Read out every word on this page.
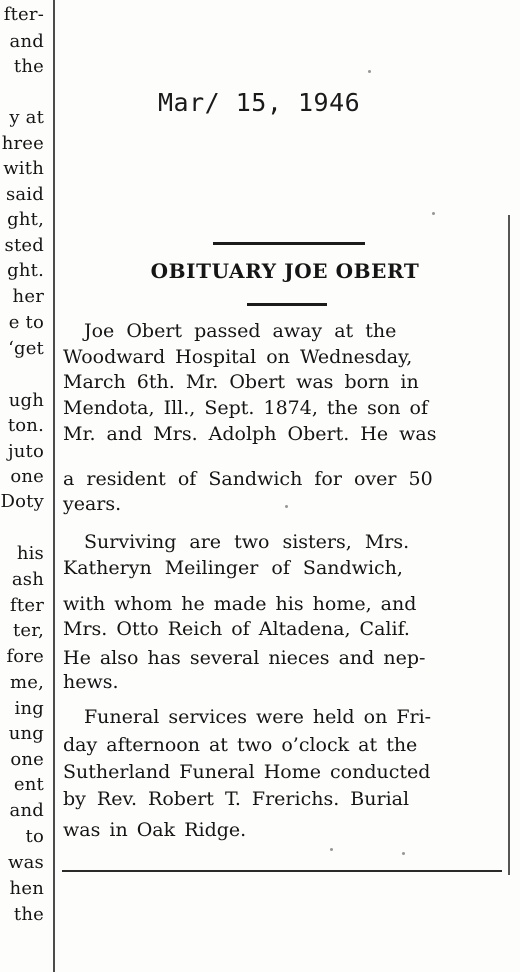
fter-
and
the
y at
hree
with
said
ght,
sted
ght.
her
e to
‘get
ugh
ton.
juto
one
Doty
his
ash
fter
ter,
fore
me,
ing
ung
one
ent
and
to
was
hen
the
Mar/ 15, 1946
OBITUARY JOE OBERT
Joe Obert passed away at the
Woodward Hospital on Wednesday,
March 6th. Mr. Obert was born in
Mendota, Ill., Sept. 1874, the son of
Mr. and Mrs. Adolph Obert. He was
a resident of Sandwich for over 50
years.
Surviving are two sisters, Mrs.
Katheryn Meilinger of Sandwich,
with whom he made his home, and
Mrs. Otto Reich of Altadena, Calif.
He also has several nieces and nep-
hews.
Funeral services were held on Fri-
day afternoon at two o’clock at the
Sutherland Funeral Home conducted
by Rev. Robert T. Frerichs. Burial
was in Oak Ridge.
